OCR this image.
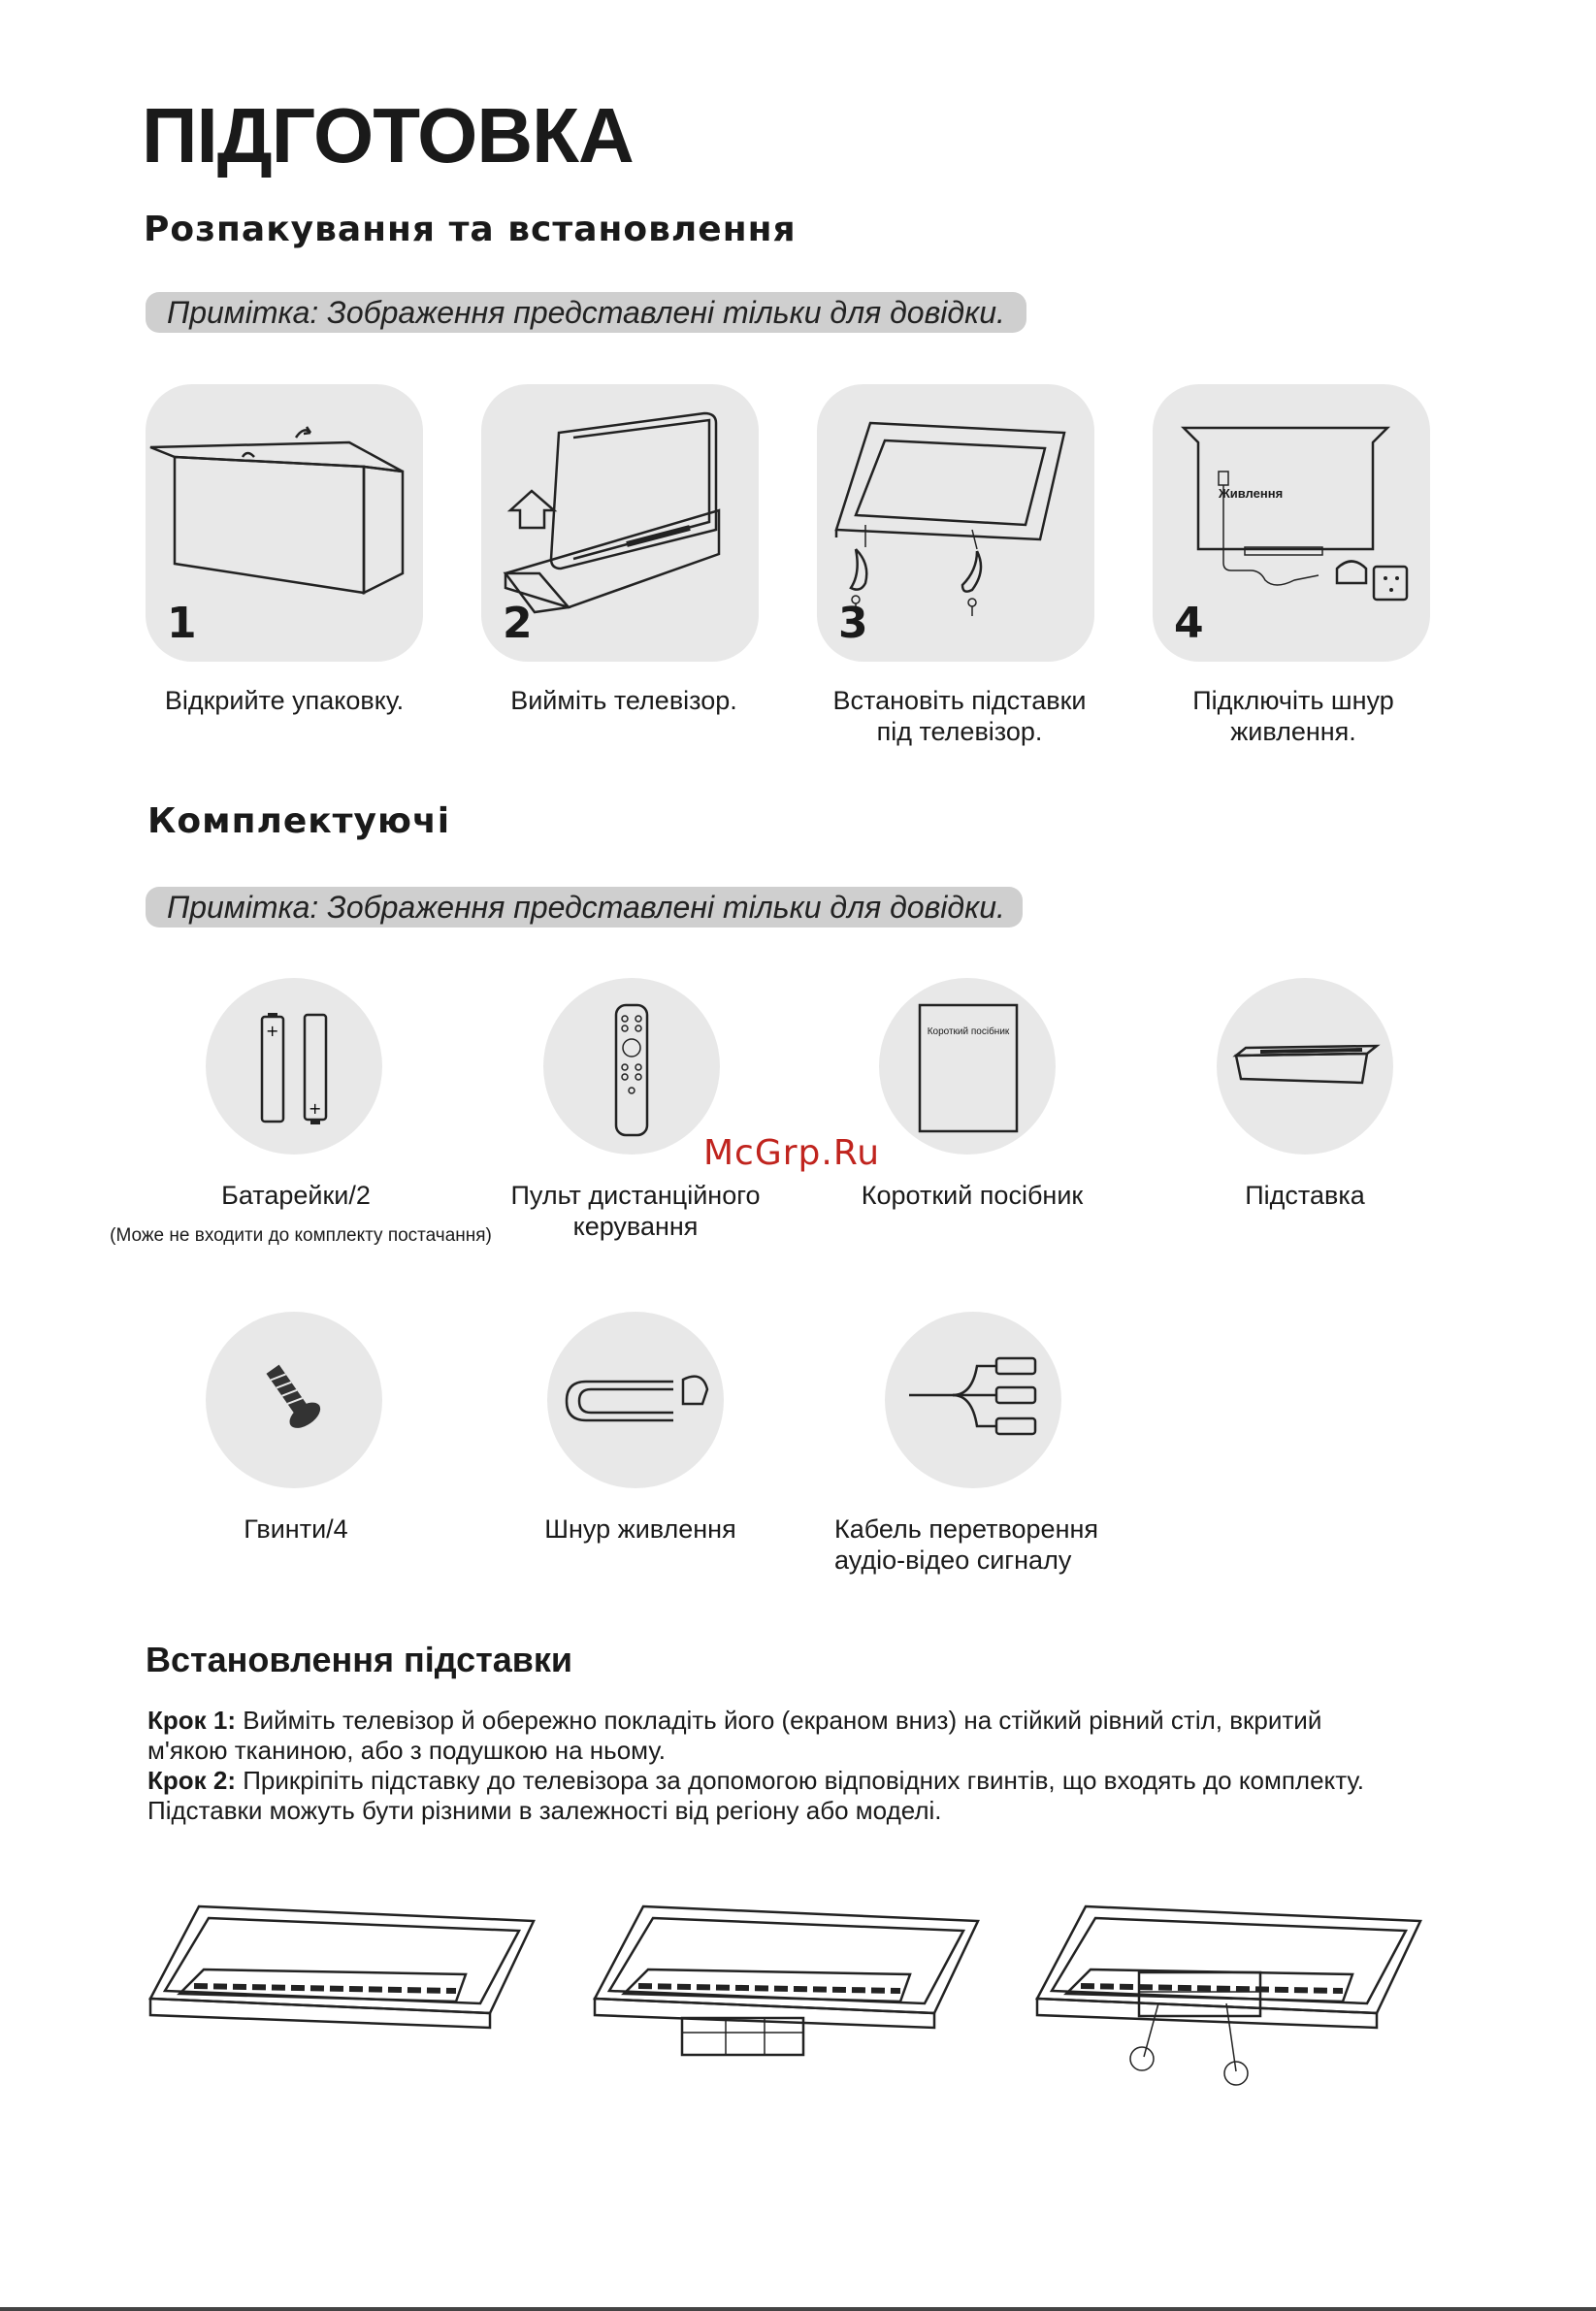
ПІДГОТОВКА
Розпакування та встановлення
Примітка: Зображення представлені тільки для довідки.
1
Відкрийте упаковку.
2
Вийміть телевізор.
3
Встановіть підставки
під телевізор.
Живлення
4
Підключіть шнур
живлення.
Комплектуючі
Примітка: Зображення представлені тільки для довідки.
+
+
Батарейки/2
(Може не входити до комплекту постачання)
Пульт дистанційного
керування
Короткий посібник
Короткий посібник	Підставка
Гвинти/4	Шнур живлення	Кабель перетворення
аудіо-відео сигналу
McGrp.Ru
Встановлення підставки
Крок 1: Вийміть телевізор й обережно покладіть його (екраном вниз) на стійкий рівний стіл, вкритий м'якою тканиною, або з подушкою на ньому.
Крок 2: Прикріпіть підставку до телевізора за допомогою відповідних гвинтів, що входять до комплекту. Підставки можуть бути різними в залежності від регіону або моделі.
